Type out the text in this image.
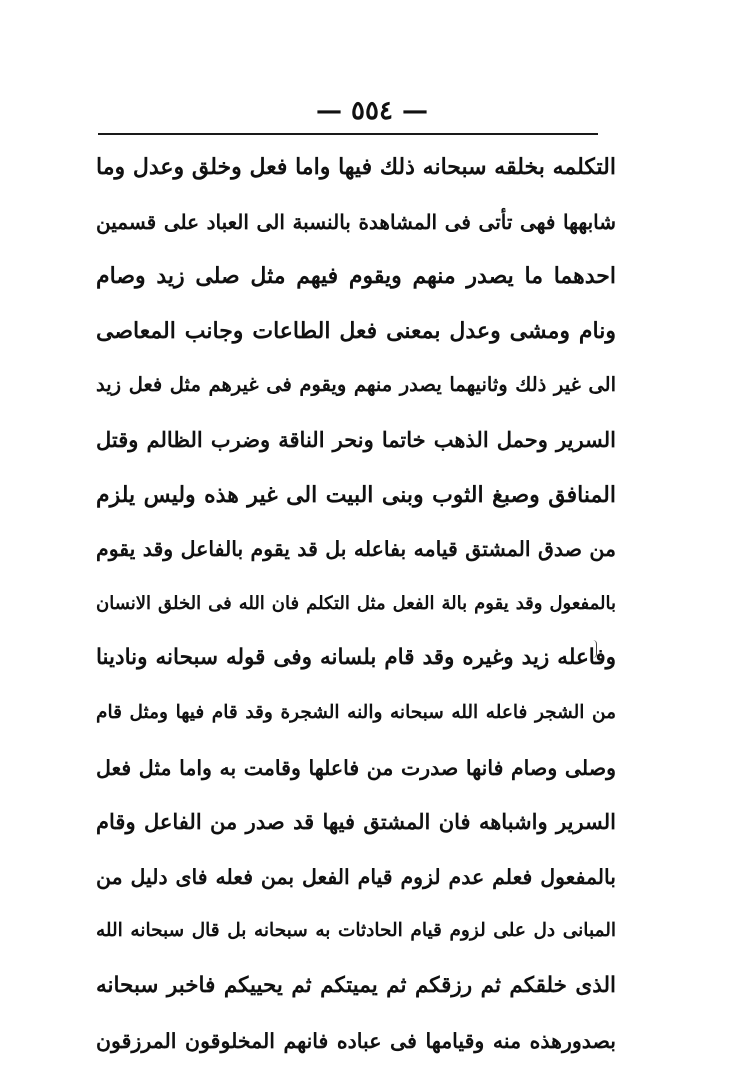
— ٥٥٤ —
التكلمه بخلقه سبحانه ذلك فيها واما فعل وخلق وعدل وما
شابهها فهى تأتى فى المشاهدة بالنسبة الى العباد على قسمين
احدهما ما يصدر منهم ويقوم فيهم مثل صلى زيد وصام
ونام ومشى وعدل بمعنى فعل الطاعات وجانب المعاصى
الى غير ذلك وثانيهما يصدر منهم ويقوم فى غيرهم مثل فعل زيد
السرير وحمل الذهب خاتما ونحر الناقة وضرب الظالم وقتل
المنافق وصبغ الثوب وبنى البيت الى غير هذه وليس يلزم
من صدق المشتق قيامه بفاعله بل قد يقوم بالفاعل وقد يقوم
بالمفعول وقد يقوم بالة الفعل مثل التكلم فان الله فى الخلق الانسان
وفاعله زيد وغيره وقد قام بلسانه وفى قوله سبحانه ونادينا
من الشجر فاعله الله سبحانه والنه الشجرة وقد قام فيها ومثل قام
وصلى وصام فانها صدرت من فاعلها وقامت به واما مثل فعل
السرير واشباهه فان المشتق فيها قد صدر من الفاعل وقام
بالمفعول فعلم عدم لزوم قيام الفعل بمن فعله فاى دليل من
المبانى دل على لزوم قيام الحادثات به سبحانه بل قال سبحانه الله
الذى خلقكم ثم رزقكم ثم يميتكم ثم يحييكم فاخبر سبحانه
بصدورهذه منه وقيامها فى عباده فانهم المخلوقون المرزقون
